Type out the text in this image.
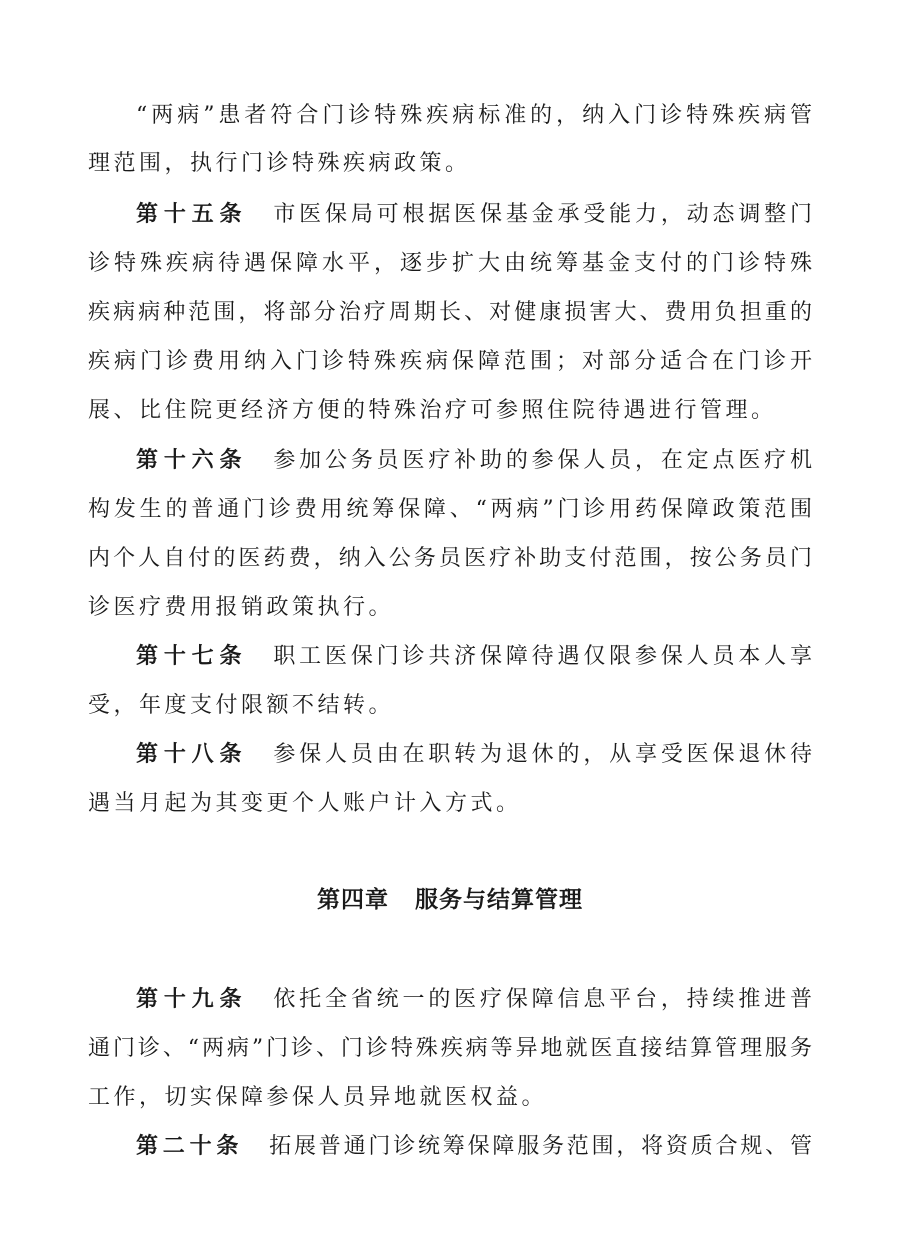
“两病”患者符合门诊特殊疾病标准的，纳入门诊特殊疾病管
理范围，执行门诊特殊疾病政策。
第十五条 市医保局可根据医保基金承受能力，动态调整门
诊特殊疾病待遇保障水平，逐步扩大由统筹基金支付的门诊特殊
疾病病种范围，将部分治疗周期长、对健康损害大、费用负担重的
疾病门诊费用纳入门诊特殊疾病保障范围；对部分适合在门诊开
展、比住院更经济方便的特殊治疗可参照住院待遇进行管理。
第十六条 参加公务员医疗补助的参保人员，在定点医疗机
构发生的普通门诊费用统筹保障、“两病”门诊用药保障政策范围
内个人自付的医药费，纳入公务员医疗补助支付范围，按公务员门
诊医疗费用报销政策执行。
第十七条 职工医保门诊共济保障待遇仅限参保人员本人享
受，年度支付限额不结转。
第十八条 参保人员由在职转为退休的，从享受医保退休待
遇当月起为其变更个人账户计入方式。
第四章 服务与结算管理
第十九条 依托全省统一的医疗保障信息平台，持续推进普
通门诊、“两病”门诊、门诊特殊疾病等异地就医直接结算管理服务
工作，切实保障参保人员异地就医权益。
第二十条 拓展普通门诊统筹保障服务范围，将资质合规、管
